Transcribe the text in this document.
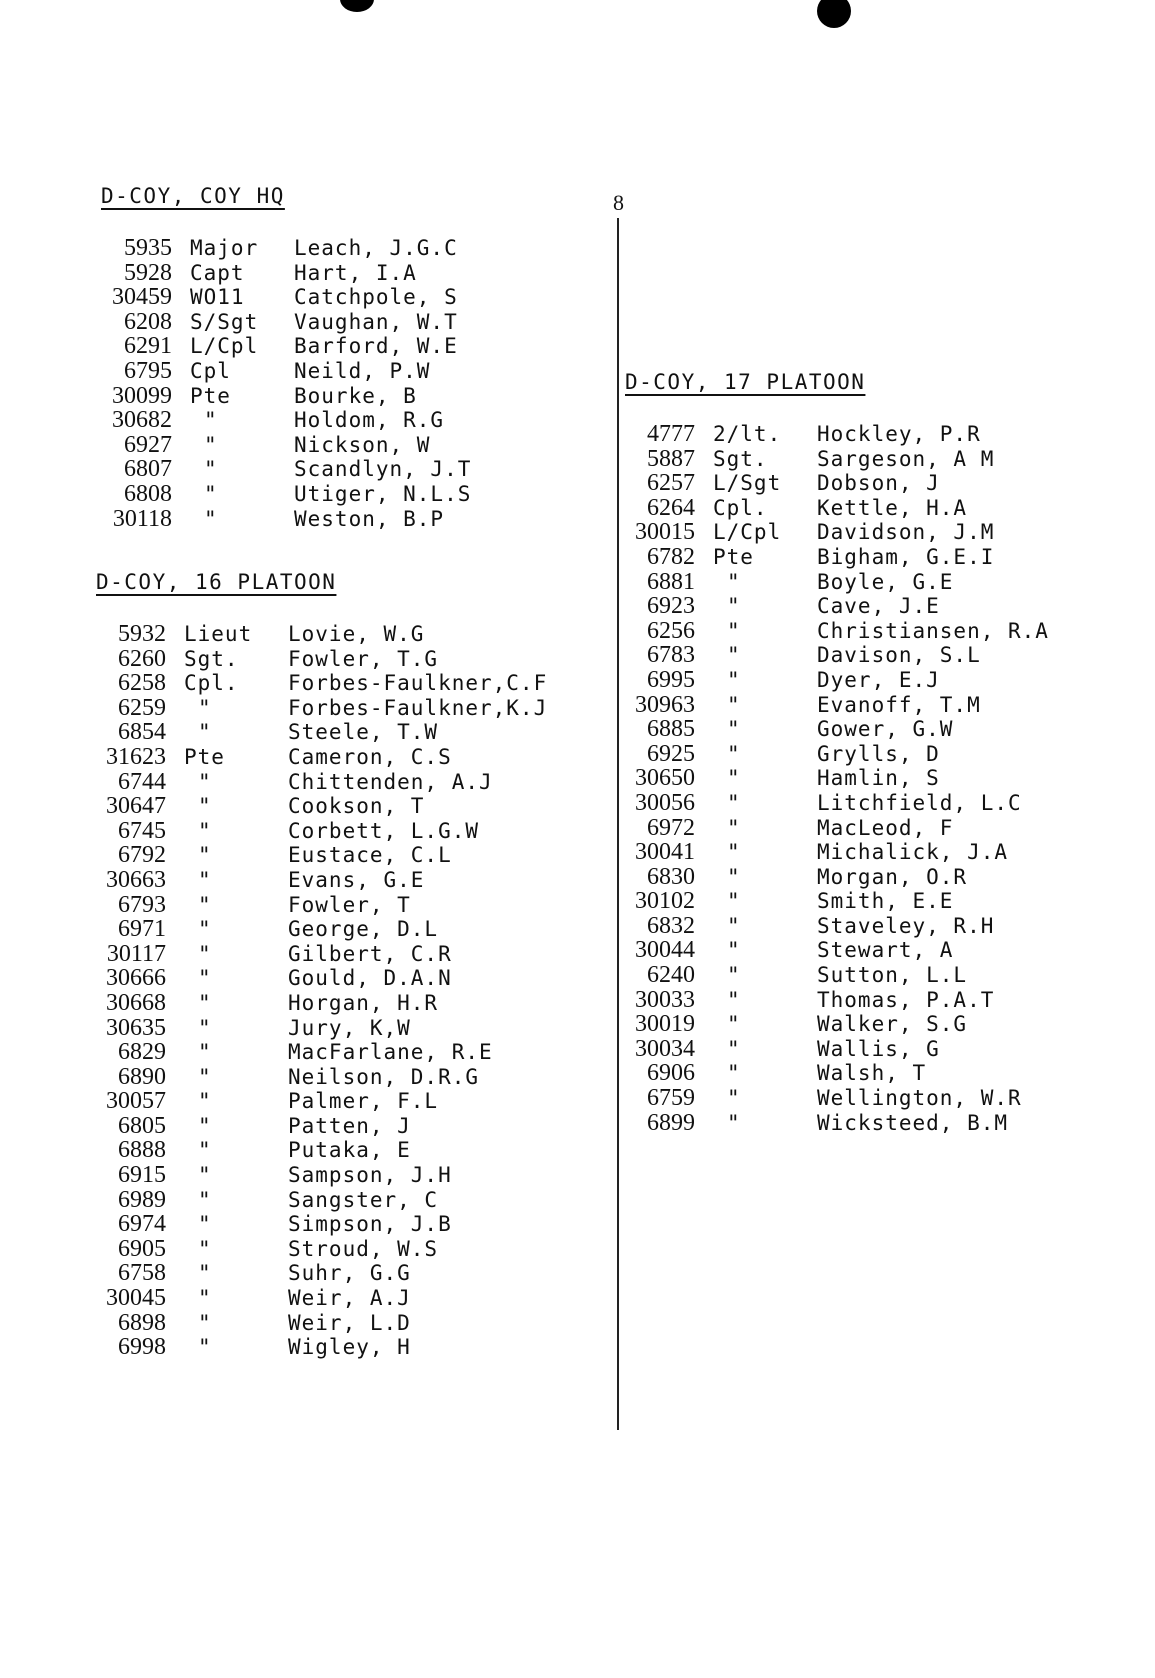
8
D-COY, COY HQ
5935 Major Leach, J.G.C
5928 Capt Hart, I.A
30459 WO11 Catchpole, S
6208 S/Sgt Vaughan, W.T
6291 L/Cpl Barford, W.E
6795 Cpl	Neild, P.W
30099 Pte	Bourke, B
30682	"	Holdom, R.G
6927	"	Nickson, W
6807	"	Scandlyn, J.T
6808	"	Utiger, N.L.S
30118	"	Weston, B.P
D-COY, 16 PLATOON
5932 Lieut Lovie, W.G
6260 Sgt. Fowler, T.G
6258 Cpl. Forbes-Faulkner,C.F
6259	"	Forbes-Faulkner,K.J
6854	"	Steele, T.W
31623 Pte	Cameron, C.S
6744	"	Chittenden, A.J
30647	"	Cookson, T
6745	"	Corbett, L.G.W
6792	"	Eustace, C.L
30663	"	Evans, G.E
6793	"	Fowler, T
6971	"	George, D.L
30117	"	Gilbert, C.R
30666	"	Gould, D.A.N
30668	"	Horgan, H.R
30635	"	Jury, K,W
6829	"	MacFarlane, R.E
6890	"	Neilson, D.R.G
30057	"	Palmer, F.L
6805	"	Patten, J
6888	"	Putaka, E
6915	"	Sampson, J.H
6989	"	Sangster, C
6974	"	Simpson, J.B
6905	"	Stroud, W.S
6758	"	Suhr, G.G
30045	"	Weir, A.J
6898	"	Weir, L.D
6998	"	Wigley, H
D-COY, 17 PLATOON
4777 2/lt. Hockley, P.R
5887 Sgt. Sargeson, A M
6257 L/Sgt Dobson, J
6264 Cpl. Kettle, H.A
30015 L/Cpl Davidson, J.M
6782 Pte	Bigham, G.E.I
6881	"	Boyle, G.E
6923	"	Cave, J.E
6256	"	Christiansen, R.A
6783	"	Davison, S.L
6995	"	Dyer, E.J
30963	"	Evanoff, T.M
6885	"	Gower, G.W
6925	"	Grylls, D
30650	"	Hamlin, S
30056	"	Litchfield, L.C
6972	"	MacLeod, F
30041	"	Michalick, J.A
6830	"	Morgan, O.R
30102	"	Smith, E.E
6832	"	Staveley, R.H
30044	"	Stewart, A
6240	"	Sutton, L.L
30033	"	Thomas, P.A.T
30019	"	Walker, S.G
30034	"	Wallis, G
6906	"	Walsh, T
6759	"	Wellington, W.R
6899	"	Wicksteed, B.M
